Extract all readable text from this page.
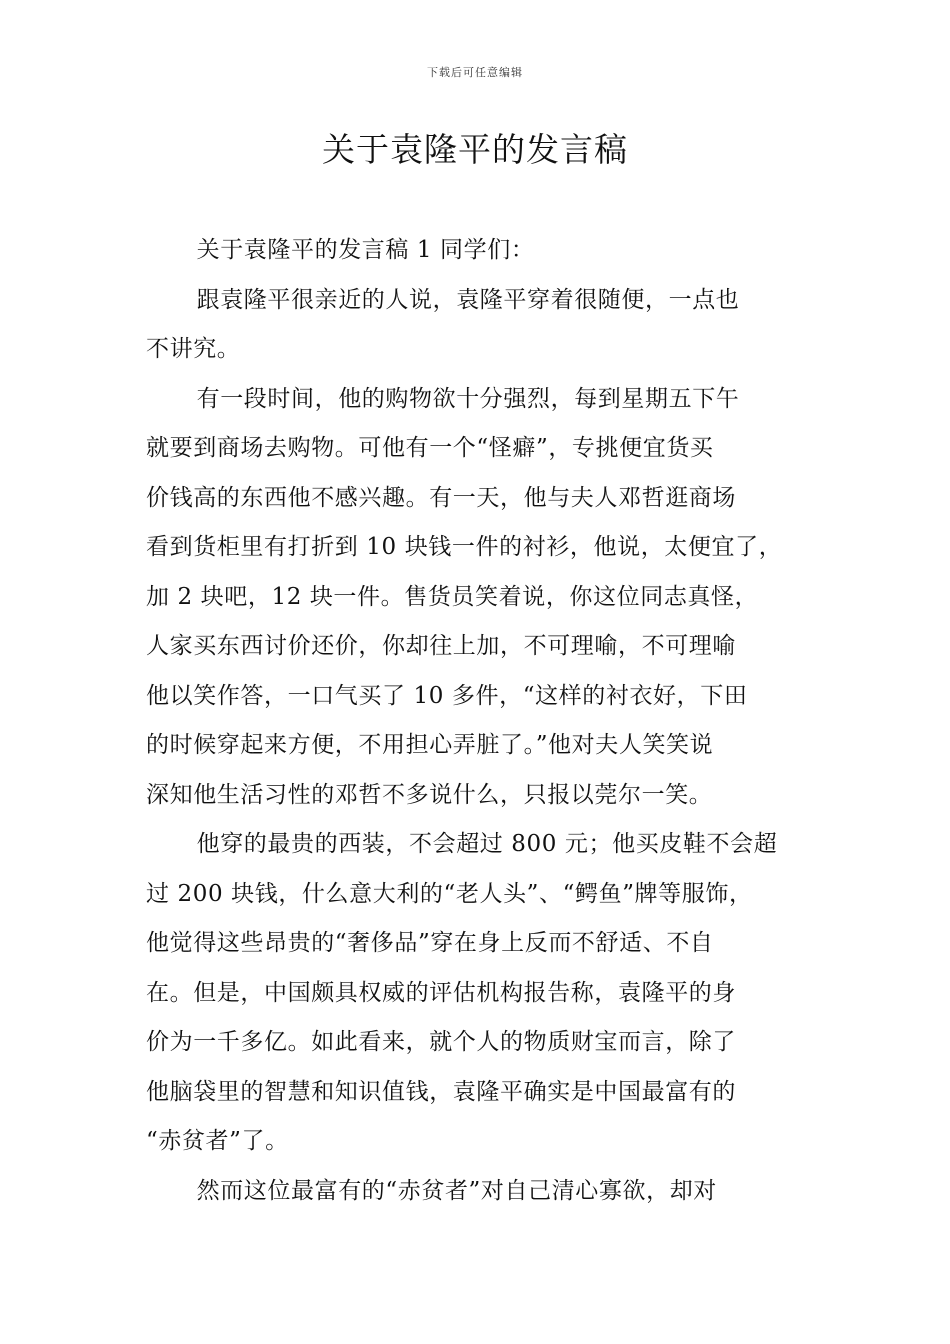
下载后可任意编辑
关于袁隆平的发言稿

关于袁隆平的发言稿 1 同学们：

跟袁隆平很亲近的人说，袁隆平穿着很随便，一点也
不讲究。

有一段时间，他的购物欲十分强烈，每到星期五下午
就要到商场去购物。可他有一个“怪癖”，专挑便宜货买
价钱高的东西他不感兴趣。有一天，他与夫人邓哲逛商场
看到货柜里有打折到 10 块钱一件的衬衫，他说，太便宜了，
加 2 块吧，12 块一件。售货员笑着说，你这位同志真怪，
人家买东西讨价还价，你却往上加，不可理喻，不可理喻
他以笑作答，一口气买了 10 多件，“这样的衬衣好，下田
的时候穿起来方便，不用担心弄脏了。”他对夫人笑笑说
深知他生活习性的邓哲不多说什么，只报以莞尔一笑。

他穿的最贵的西装，不会超过 800 元；他买皮鞋不会超
过 200 块钱，什么意大利的“老人头”、“鳄鱼”牌等服饰，
他觉得这些昂贵的“奢侈品”穿在身上反而不舒适、不自
在。但是，中国颇具权威的评估机构报告称，袁隆平的身
价为一千多亿。如此看来，就个人的物质财宝而言，除了
他脑袋里的智慧和知识值钱，袁隆平确实是中国最富有的
“赤贫者”了。

然而这位最富有的“赤贫者”对自己清心寡欲，却对
